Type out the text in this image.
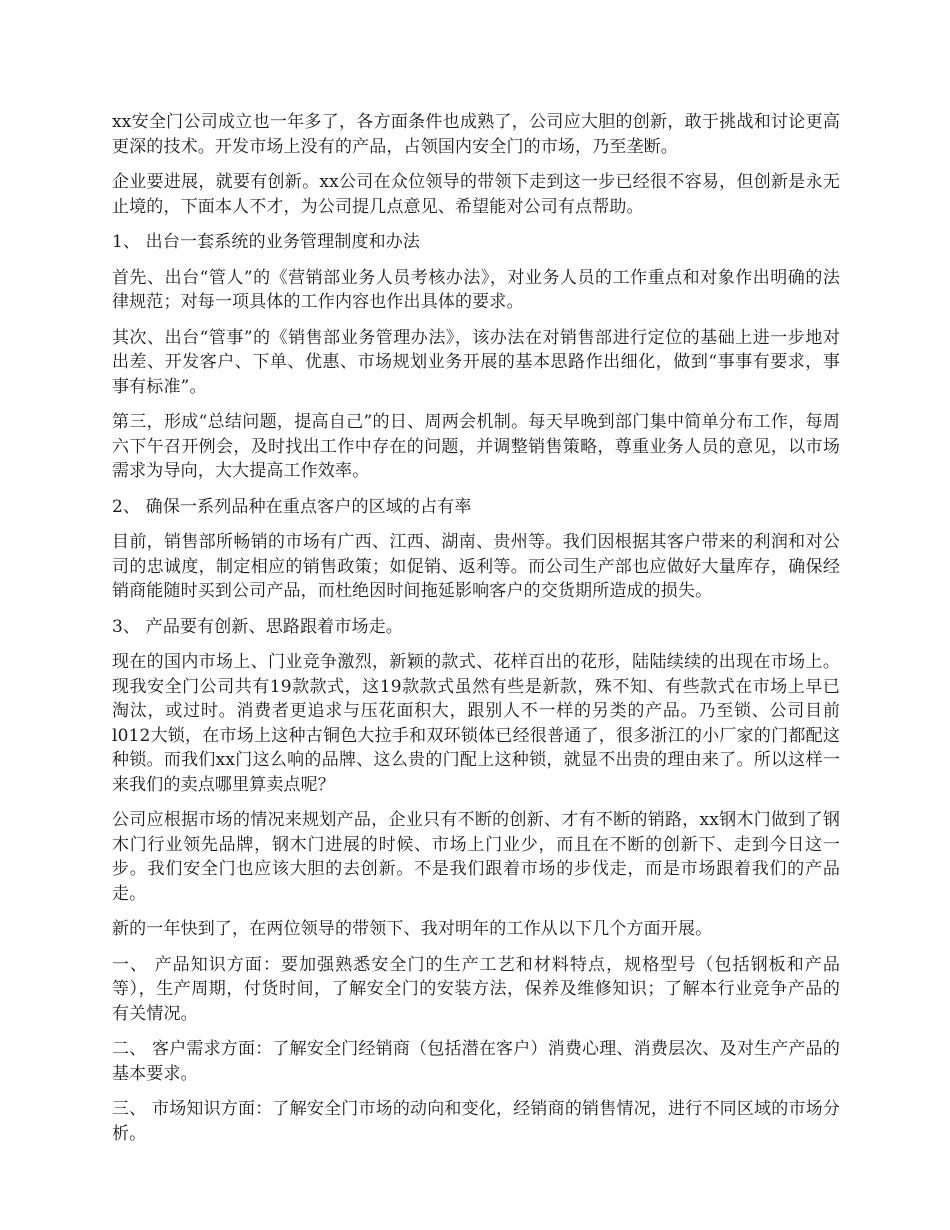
xx安全门公司成立也一年多了，各方面条件也成熟了，公司应大胆的创新，敢于挑战和讨论更高更深的技术。开发市场上没有的产品，占领国内安全门的市场，乃至垄断。

企业要进展，就要有创新。xx公司在众位领导的带领下走到这一步已经很不容易，但创新是永无止境的，下面本人不才，为公司提几点意见、希望能对公司有点帮助。

1、 出台一套系统的业务管理制度和办法

首先、出台“管人”的《营销部业务人员考核办法》，对业务人员的工作重点和对象作出明确的法律规范；对每一项具体的工作内容也作出具体的要求。

其次、出台“管事”的《销售部业务管理办法》，该办法在对销售部进行定位的基础上进一步地对出差、开发客户、下单、优惠、市场规划业务开展的基本思路作出细化，做到“事事有要求，事事有标准”。

第三，形成“总结问题，提高自己”的日、周两会机制。每天早晚到部门集中简单分布工作，每周六下午召开例会，及时找出工作中存在的问题，并调整销售策略，尊重业务人员的意见，以市场需求为导向，大大提高工作效率。

2、 确保一系列品种在重点客户的区域的占有率

目前，销售部所畅销的市场有广西、江西、湖南、贵州等。我们因根据其客户带来的利润和对公司的忠诚度，制定相应的销售政策；如促销、返利等。而公司生产部也应做好大量库存，确保经销商能随时买到公司产品，而杜绝因时间拖延影响客户的交货期所造成的损失。

3、 产品要有创新、思路跟着市场走。

现在的国内市场上、门业竞争激烈，新颖的款式、花样百出的花形，陆陆续续的出现在市场上。现我安全门公司共有19款款式，这19款款式虽然有些是新款，殊不知、有些款式在市场上早已淘汰，或过时。消费者更追求与压花面积大，跟别人不一样的另类的产品。乃至锁、公司目前l012大锁，在市场上这种古铜色大拉手和双环锁体已经很普通了，很多浙江的小厂家的门都配这种锁。而我们xx门这么响的品牌、这么贵的门配上这种锁，就显不出贵的理由来了。所以这样一来我们的卖点哪里算卖点呢？

公司应根据市场的情况来规划产品，企业只有不断的创新、才有不断的销路，xx钢木门做到了钢木门行业领先品牌，钢木门进展的时候、市场上门业少，而且在不断的创新下、走到今日这一步。我们安全门也应该大胆的去创新。不是我们跟着市场的步伐走，而是市场跟着我们的产品走。

新的一年快到了，在两位领导的带领下、我对明年的工作从以下几个方面开展。

一、 产品知识方面：要加强熟悉安全门的生产工艺和材料特点，规格型号（包括钢板和产品等），生产周期，付货时间，了解安全门的安装方法，保养及维修知识；了解本行业竞争产品的有关情况。

二、 客户需求方面：了解安全门经销商（包括潜在客户）消费心理、消费层次、及对生产产品的基本要求。

三、 市场知识方面：了解安全门市场的动向和变化，经销商的销售情况，进行不同区域的市场分析。
